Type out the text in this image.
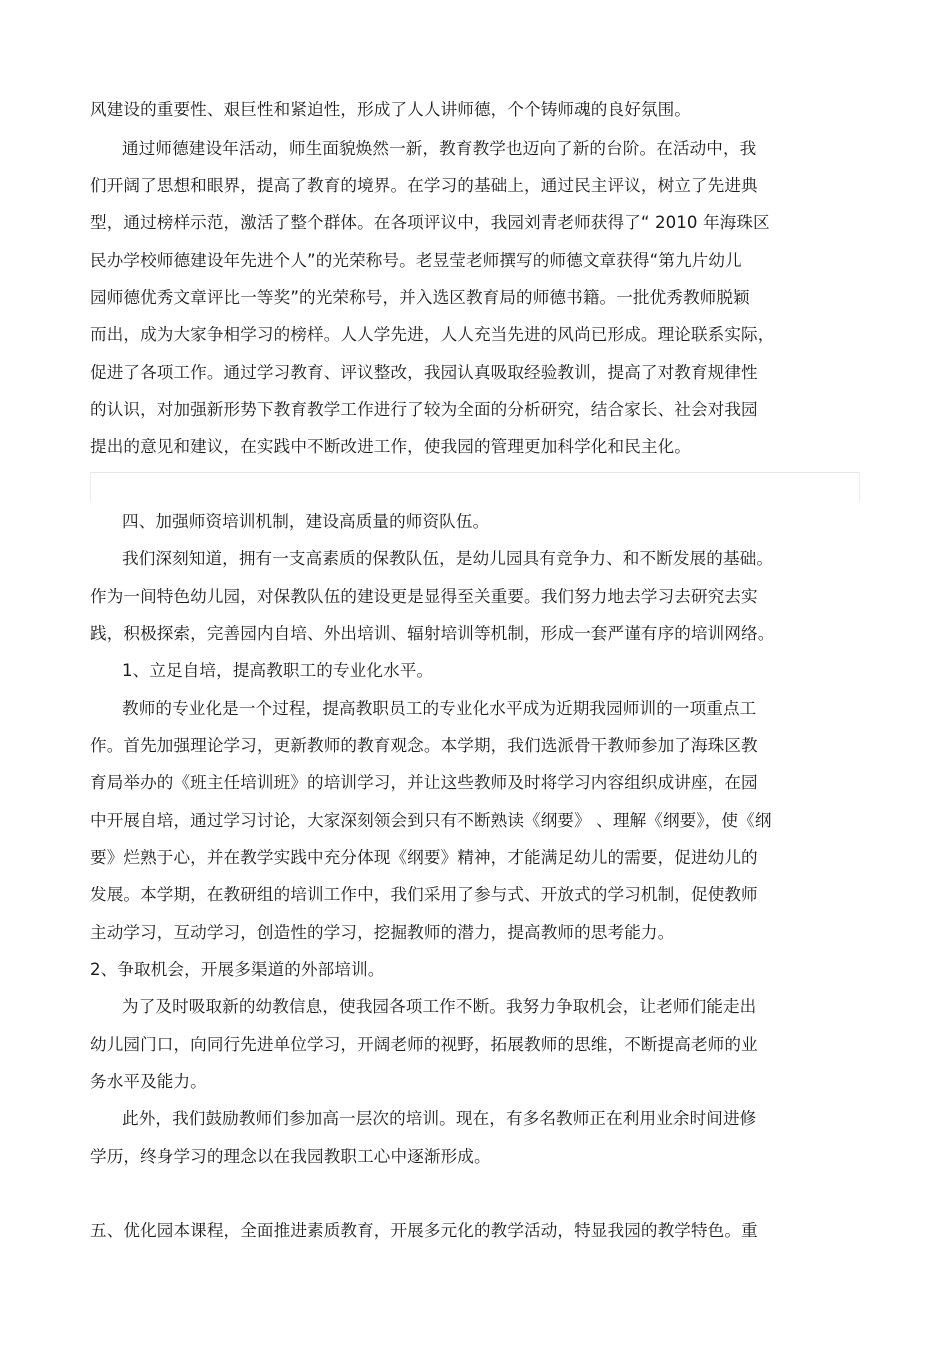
风建设的重要性、艰巨性和紧迫性，形成了人人讲师德，个个铸师魂的良好氛围。
通过师德建设年活动，师生面貌焕然一新，教育教学也迈向了新的台阶。在活动中，我
们开阔了思想和眼界，提高了教育的境界。在学习的基础上，通过民主评议，树立了先进典
型，通过榜样示范，激活了整个群体。在各项评议中，我园刘青老师获得了“ 2010 年海珠区
民办学校师德建设年先进个人”的光荣称号。老昱莹老师撰写的师德文章获得“第九片幼儿
园师德优秀文章评比一等奖”的光荣称号，并入选区教育局的师德书籍。一批优秀教师脱颖
而出，成为大家争相学习的榜样。人人学先进，人人充当先进的风尚已形成。理论联系实际，
促进了各项工作。通过学习教育、评议整改，我园认真吸取经验教训，提高了对教育规律性
的认识，对加强新形势下教育教学工作进行了较为全面的分析研究，结合家长、社会对我园
提出的意见和建议，在实践中不断改进工作，使我园的管理更加科学化和民主化。
四、加强师资培训机制，建设高质量的师资队伍。
我们深刻知道，拥有一支高素质的保教队伍，是幼儿园具有竞争力、和不断发展的基础。
作为一间特色幼儿园，对保教队伍的建设更是显得至关重要。我们努力地去学习去研究去实
践，积极探索，完善园内自培、外出培训、辐射培训等机制，形成一套严谨有序的培训网络。
1、立足自培，提高教职工的专业化水平。
教师的专业化是一个过程，提高教职员工的专业化水平成为近期我园师训的一项重点工
作。首先加强理论学习，更新教师的教育观念。本学期，我们选派骨干教师参加了海珠区教
育局举办的《班主任培训班》的培训学习，并让这些教师及时将学习内容组织成讲座，在园
中开展自培，通过学习讨论，大家深刻领会到只有不断熟读《纲要》 、理解《纲要》，使《纲
要》烂熟于心，并在教学实践中充分体现《纲要》精神，才能满足幼儿的需要，促进幼儿的
发展。本学期，在教研组的培训工作中，我们采用了参与式、开放式的学习机制，促使教师
主动学习，互动学习，创造性的学习，挖掘教师的潜力，提高教师的思考能力。
2、争取机会，开展多渠道的外部培训。
为了及时吸取新的幼教信息，使我园各项工作不断。我努力争取机会，让老师们能走出
幼儿园门口，向同行先进单位学习，开阔老师的视野，拓展教师的思维，不断提高老师的业
务水平及能力。
此外，我们鼓励教师们参加高一层次的培训。现在，有多名教师正在利用业余时间进修
学历，终身学习的理念以在我园教职工心中逐渐形成。
五、优化园本课程，全面推进素质教育，开展多元化的教学活动，特显我园的教学特色。重
